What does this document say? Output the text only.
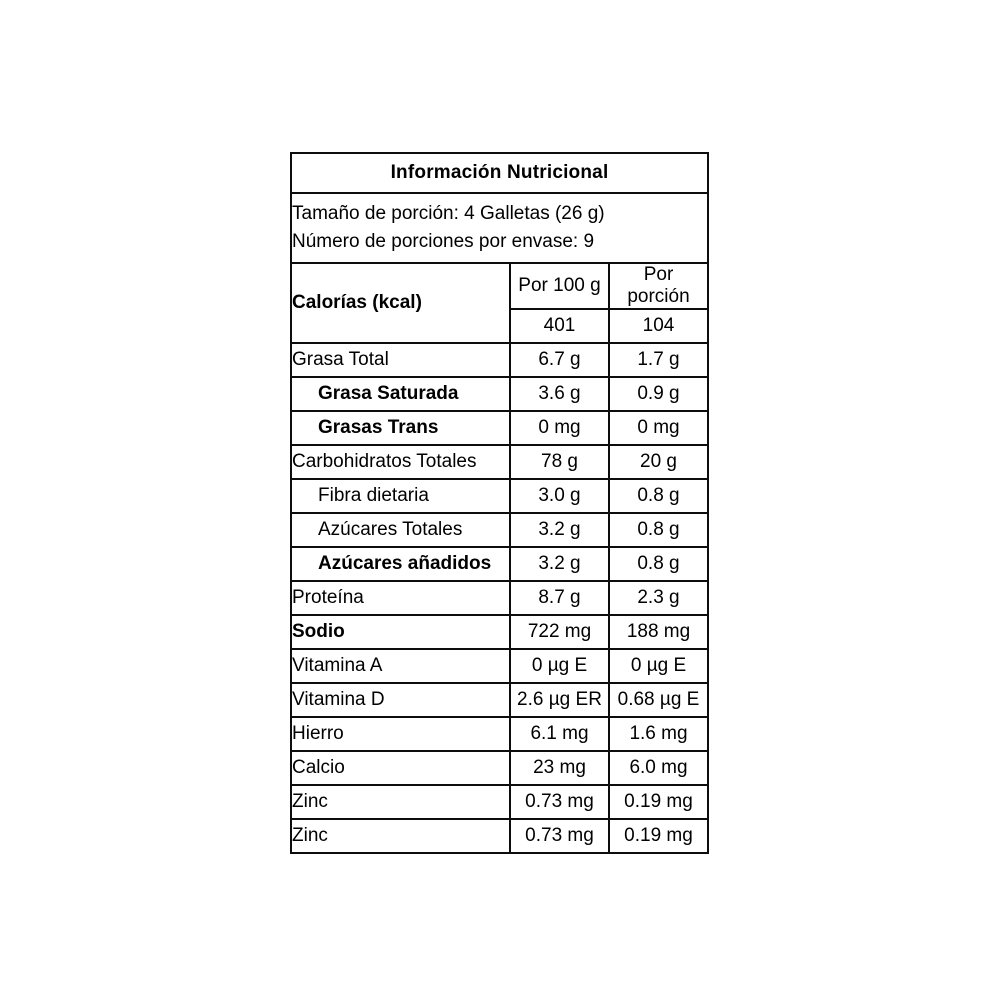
Información Nutricional		

Tamaño de porción: 4 Galletas (26 g)
Número de porciones por envase: 9		

Calorías (kcal)	Por 100 g	Por porción
	401	104
Grasa Total	6.7 g	1.7 g
Grasa Saturada	3.6 g	0.9 g
Grasas Trans	0 mg	0 mg
Carbohidratos Totales	78 g	20 g
Fibra dietaria	3.0 g	0.8 g
Azúcares Totales	3.2 g	0.8 g
Azúcares añadidos	3.2 g	0.8 g
Proteína	8.7 g	2.3 g
Sodio	722 mg	188 mg
Vitamina A	0 µg E	0 µg E
Vitamina D	2.6 µg ER	0.68 µg E
Hierro	6.1 mg	1.6 mg
Calcio	23 mg	6.0 mg
Zinc	0.73 mg	0.19 mg
Zinc	0.73 mg	0.19 mg
